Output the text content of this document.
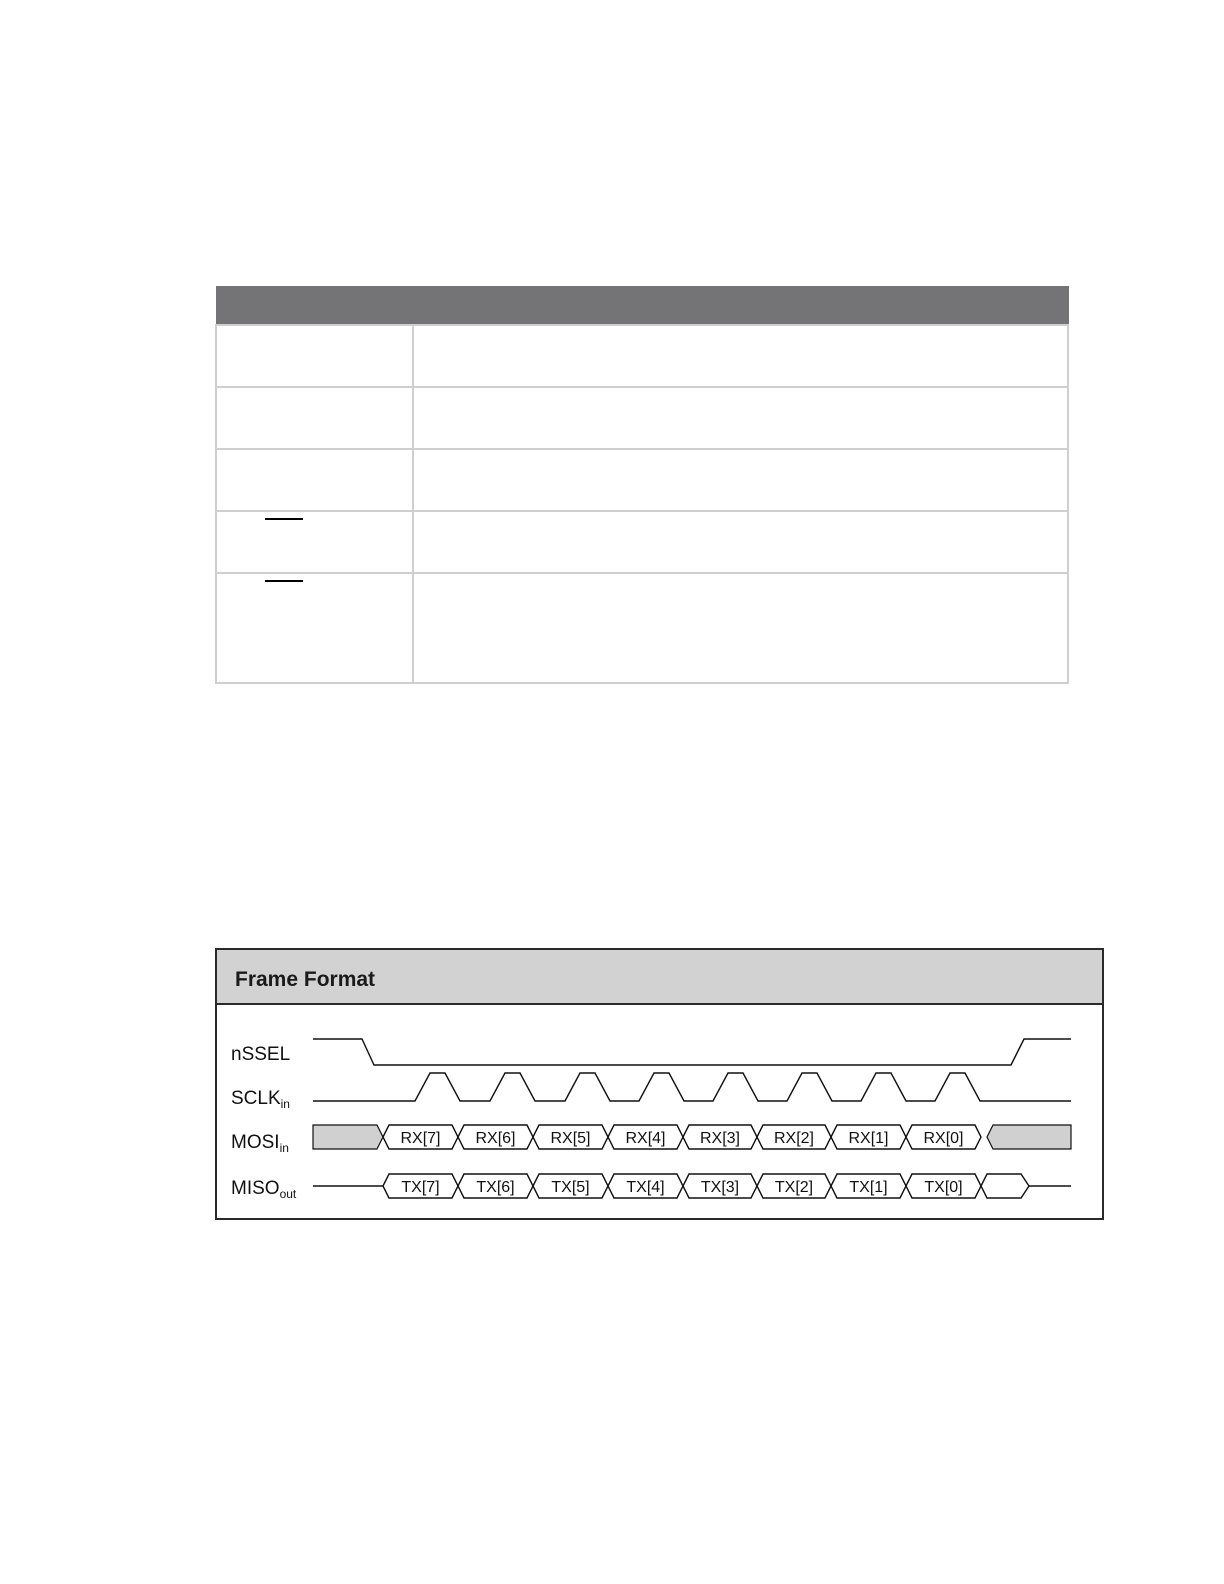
Frame Format
nSSEL
$SCLK_{in}$
$MOSI_{in}$
$MISO_{out}$
RX[7] RX[6] RX[5] RX[4] RX[3] RX[2] RX[1] RX[0]
TX[7] TX[6] TX[5] TX[4] TX[3] TX[2] TX[1] TX[0]
